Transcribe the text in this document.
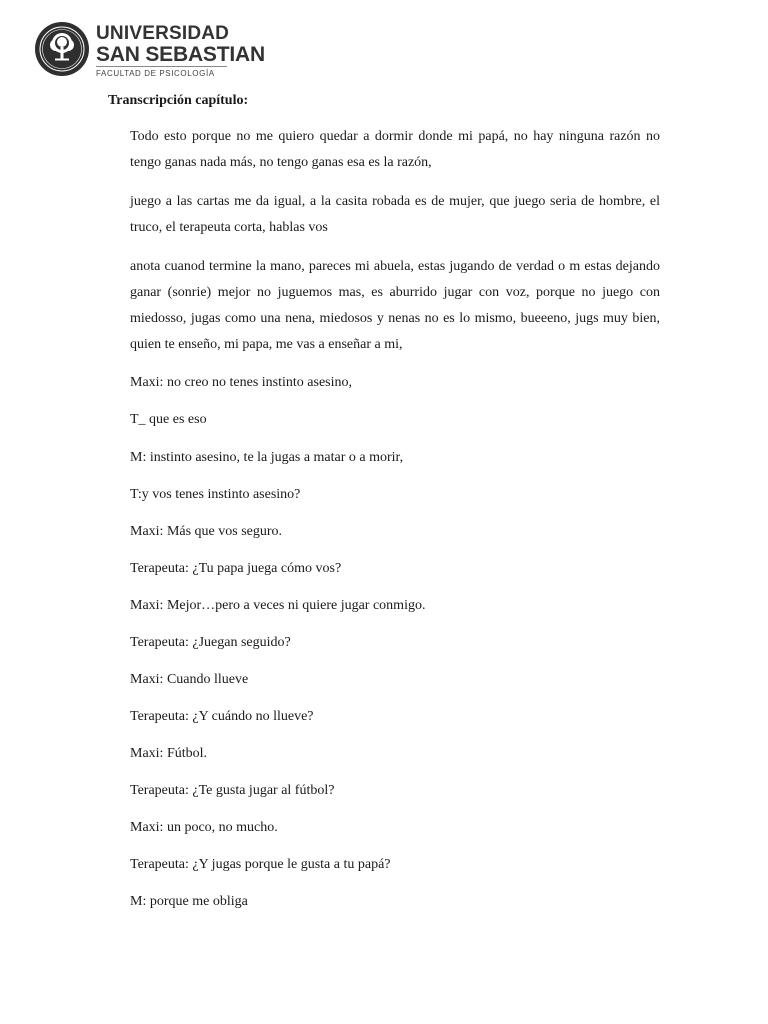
UNIVERSIDAD
SAN SEBASTIAN
FACULTAD DE PSICOLOGÍA
Transcripción capítulo:

Todo esto porque no me quiero quedar a dormir donde mi papá, no hay ninguna razón no tengo ganas nada más, no tengo ganas esa es la razón,

juego a las cartas me da igual, a la casita robada es de mujer, que juego seria de hombre, el truco, el terapeuta corta, hablas vos

anota cuanod termine la mano, pareces mi abuela, estas jugando de verdad o m estas dejando ganar (sonrie) mejor no juguemos mas, es aburrido jugar con voz, porque no juego con miedosso, jugas como una nena, miedosos y nenas no es lo mismo, bueeeno, jugs muy bien, quien te enseño, mi papa, me vas a enseñar a mi,

Maxi: no creo no tenes instinto asesino,

T_ que es eso

M: instinto asesino, te la jugas a matar o a morir,

T:y vos tenes instinto asesino?

Maxi: Más que vos seguro.

Terapeuta: ¿Tu papa juega cómo vos?

Maxi: Mejor…pero a veces ni quiere jugar conmigo.

Terapeuta: ¿Juegan seguido?

Maxi: Cuando llueve

Terapeuta: ¿Y cuándo no llueve?

Maxi: Fútbol.

Terapeuta: ¿Te gusta jugar al fútbol?

Maxi: un poco, no mucho.

Terapeuta: ¿Y jugas porque le gusta a tu papá?

M: porque me obliga
